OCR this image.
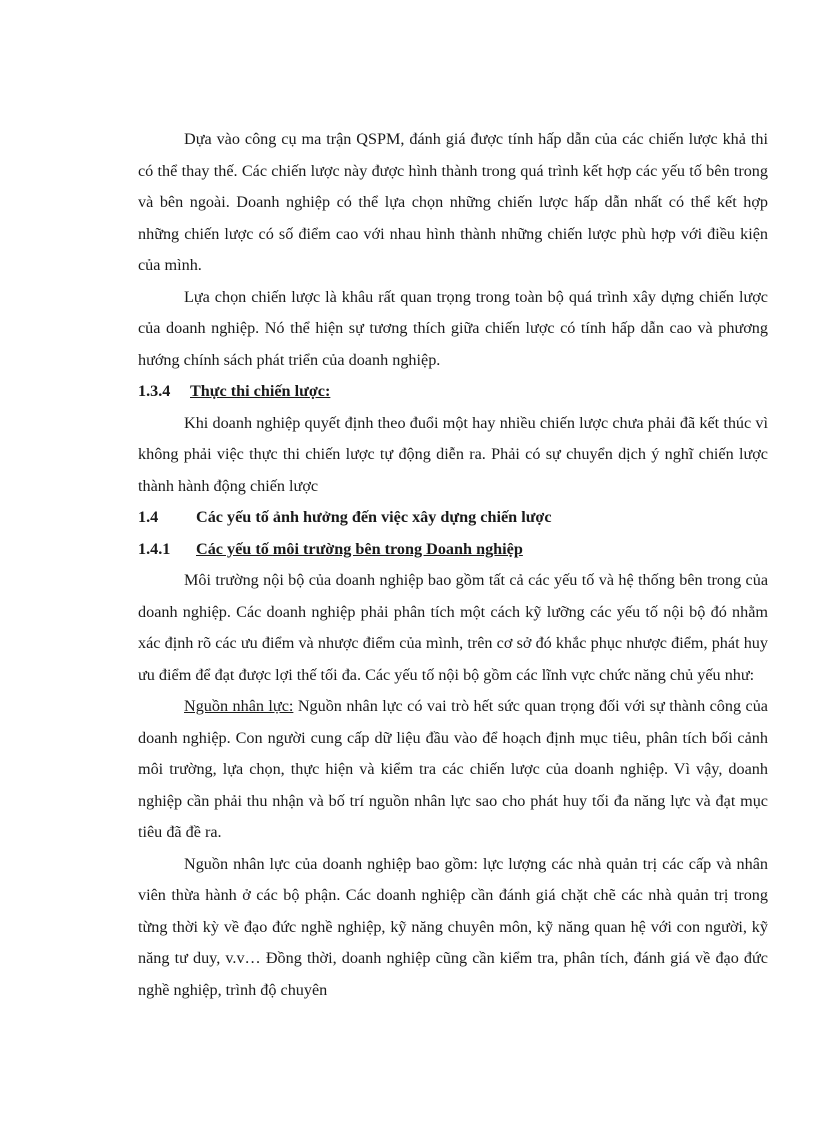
Dựa vào công cụ ma trận QSPM, đánh giá được tính hấp dẫn của các chiến lược khả thi có thể thay thế. Các chiến lược này được hình thành trong quá trình kết hợp các yếu tố bên trong và bên ngoài. Doanh nghiệp có thể lựa chọn những chiến lược hấp dẫn nhất có thể kết hợp những chiến lược có số điểm cao với nhau hình thành những chiến lược phù hợp với điều kiện của mình.

Lựa chọn chiến lược là khâu rất quan trọng trong toàn bộ quá trình xây dựng chiến lược của doanh nghiệp. Nó thể hiện sự tương thích giữa chiến lược có tính hấp dẫn cao và phương hướng chính sách phát triển của doanh nghiệp.

1.3.4 Thực thi chiến lược:

Khi doanh nghiệp quyết định theo đuổi một hay nhiều chiến lược chưa phải đã kết thúc vì không phải việc thực thi chiến lược tự động diễn ra. Phải có sự chuyển dịch ý nghĩ chiến lược thành hành động chiến lược

1.4 Các yếu tố ảnh hưởng đến việc xây dựng chiến lược
1.4.1 Các yếu tố môi trường bên trong Doanh nghiệp

Môi trường nội bộ của doanh nghiệp bao gồm tất cả các yếu tố và hệ thống bên trong của doanh nghiệp. Các doanh nghiệp phải phân tích một cách kỹ lưỡng các yếu tố nội bộ đó nhằm xác định rõ các ưu điểm và nhược điểm của mình, trên cơ sở đó khắc phục nhược điểm, phát huy ưu điểm để đạt được lợi thế tối đa. Các yếu tố nội bộ gồm các lĩnh vực chức năng chủ yếu như:

Nguồn nhân lực: Nguồn nhân lực có vai trò hết sức quan trọng đối với sự thành công của doanh nghiệp. Con người cung cấp dữ liệu đầu vào để hoạch định mục tiêu, phân tích bối cảnh môi trường, lựa chọn, thực hiện và kiểm tra các chiến lược của doanh nghiệp. Vì vậy, doanh nghiệp cần phải thu nhận và bố trí nguồn nhân lực sao cho phát huy tối đa năng lực và đạt mục tiêu đã đề ra.

Nguồn nhân lực của doanh nghiệp bao gồm: lực lượng các nhà quản trị các cấp và nhân viên thừa hành ở các bộ phận. Các doanh nghiệp cần đánh giá chặt chẽ các nhà quản trị trong từng thời kỳ về đạo đức nghề nghiệp, kỹ năng chuyên môn, kỹ năng quan hệ với con người, kỹ năng tư duy, v.v… Đồng thời, doanh nghiệp cũng cần kiểm tra, phân tích, đánh giá về đạo đức nghề nghiệp, trình độ chuyên
